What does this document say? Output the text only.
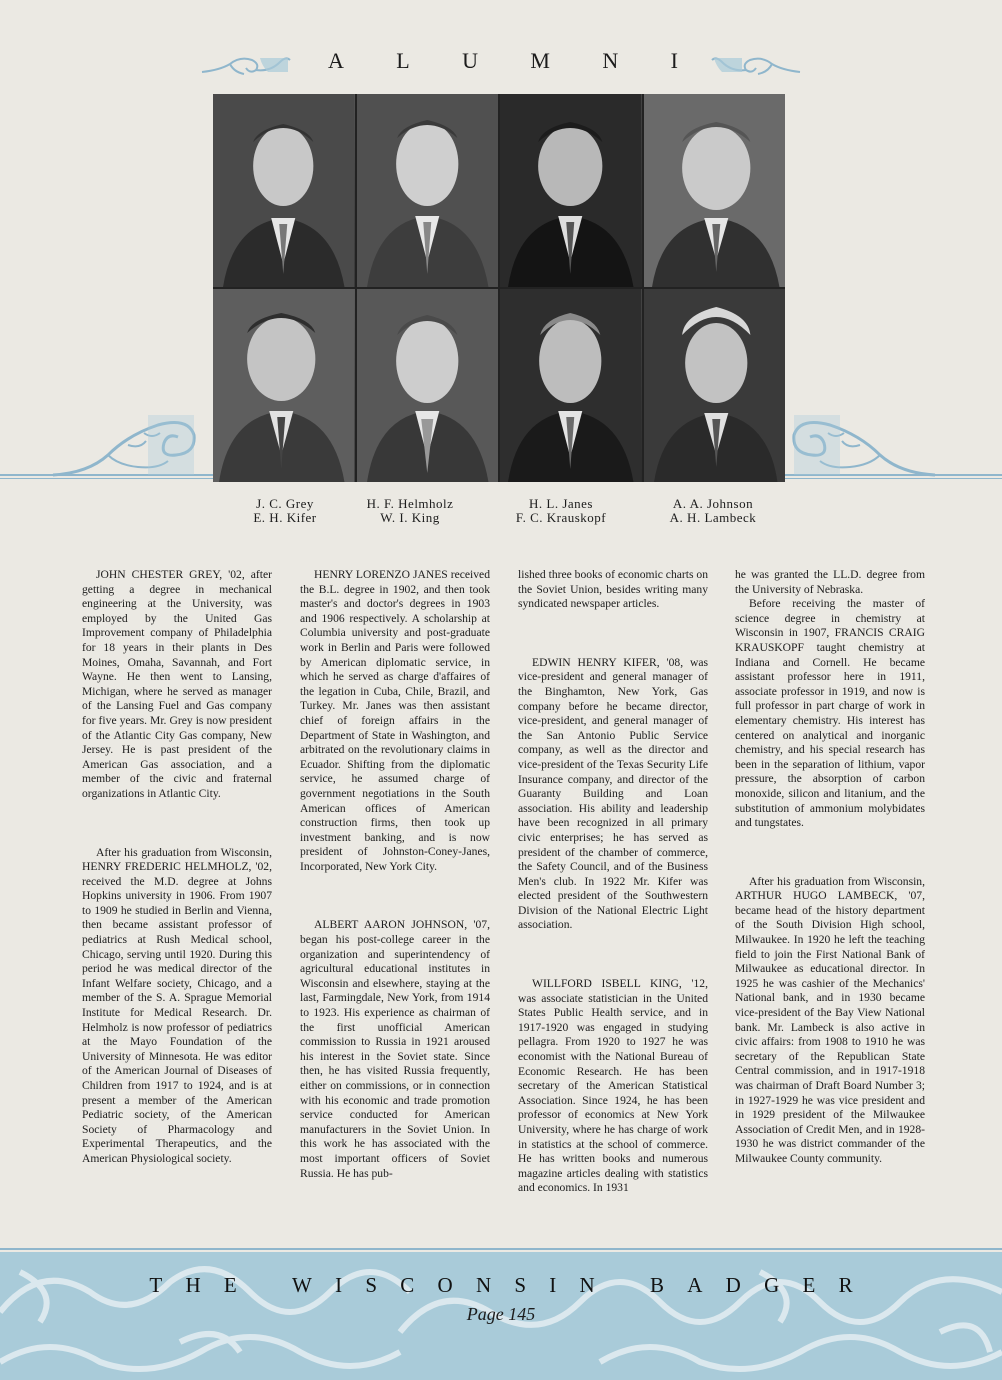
A L U M N I
J. C. Grey
E. H. Kifer
H. F. Helmholz
W. I. King
H. L. Janes
F. C. Krauskopf
A. A. Johnson
A. H. Lambeck

JOHN CHESTER GREY, '02, after getting a degree in mechanical engineering at the University, was employed by the United Gas Improvement company of Philadelphia for 18 years in their plants in Des Moines, Omaha, Savannah, and Fort Wayne. He then went to Lansing, Michigan, where he served as manager of the Lansing Fuel and Gas company for five years. Mr. Grey is now president of the Atlantic City Gas company, New Jersey. He is past president of the American Gas association, and a member of the civic and fraternal organizations in Atlantic City.

After his graduation from Wisconsin, HENRY FREDERIC HELMHOLZ, '02, received the M.D. degree at Johns Hopkins university in 1906. From 1907 to 1909 he studied in Berlin and Vienna, then became assistant professor of pediatrics at Rush Medical school, Chicago, serving until 1920. During this period he was medical director of the Infant Welfare society, Chicago, and a member of the S. A. Sprague Memorial Institute for Medical Research. Dr. Helmholz is now professor of pediatrics at the Mayo Foundation of the University of Minnesota. He was editor of the American Journal of Diseases of Children from 1917 to 1924, and is at present a member of the American Pediatric society, of the American Society of Pharmacology and Experimental Therapeutics, and the American Physiological society.

HENRY LORENZO JANES received the B.L. degree in 1902, and then took master's and doctor's degrees in 1903 and 1906 respectively. A scholarship at Columbia university and post-graduate work in Berlin and Paris were followed by American diplomatic service, in which he served as charge d'affaires of the legation in Cuba, Chile, Brazil, and Turkey. Mr. Janes was then assistant chief of foreign affairs in the Department of State in Washington, and arbitrated on the revolutionary claims in Ecuador. Shifting from the diplomatic service, he assumed charge of government negotiations in the South American offices of American construction firms, then took up investment banking, and is now president of Johnston-Coney-Janes, Incorporated, New York City.

ALBERT AARON JOHNSON, '07, began his post-college career in the organization and superintendency of agricultural educational institutes in Wisconsin and elsewhere, staying at the last, Farmingdale, New York, from 1914 to 1923. His experience as chairman of the first unofficial American commission to Russia in 1921 aroused his interest in the Soviet state. Since then, he has visited Russia frequently, either on commissions, or in connection with his economic and trade promotion service conducted for American manufacturers in the Soviet Union. In this work he has associated with the most important officers of Soviet Russia. He has pub-

lished three books of economic charts on the Soviet Union, besides writing many syndicated newspaper articles.

EDWIN HENRY KIFER, '08, was vice-president and general manager of the Binghamton, New York, Gas company before he became director, vice-president, and general manager of the San Antonio Public Service company, as well as the director and vice-president of the Texas Security Life Insurance company, and director of the Guaranty Building and Loan association. His ability and leadership have been recognized in all primary civic enterprises; he has served as president of the chamber of commerce, the Safety Council, and of the Business Men's club. In 1922 Mr. Kifer was elected president of the Southwestern Division of the National Electric Light association.

WILLFORD ISBELL KING, '12, was associate statistician in the United States Public Health service, and in 1917-1920 was engaged in studying pellagra. From 1920 to 1927 he was economist with the National Bureau of Economic Research. He has been secretary of the American Statistical Association. Since 1924, he has been professor of economics at New York University, where he has charge of work in statistics at the school of commerce. He has written books and numerous magazine articles dealing with statistics and economics. In 1931

he was granted the LL.D. degree from the University of Nebraska.

Before receiving the master of science degree in chemistry at Wisconsin in 1907, FRANCIS CRAIG KRAUSKOPF taught chemistry at Indiana and Cornell. He became assistant professor here in 1911, associate professor in 1919, and now is full professor in part charge of work in elementary chemistry. His interest has centered on analytical and inorganic chemistry, and his special research has been in the separation of lithium, vapor pressure, the absorption of carbon monoxide, silicon and litanium, and the substitution of ammonium molybidates and tungstates.

After his graduation from Wisconsin, ARTHUR HUGO LAMBECK, '07, became head of the history department of the South Division High school, Milwaukee. In 1920 he left the teaching field to join the First National Bank of Milwaukee as educational director. In 1925 he was cashier of the Mechanics' National bank, and in 1930 became vice-president of the Bay View National bank. Mr. Lambeck is also active in civic affairs: from 1908 to 1910 he was secretary of the Republican State Central commission, and in 1917-1918 was chairman of Draft Board Number 3; in 1927-1929 he was vice president and in 1929 president of the Milwaukee Association of Credit Men, and in 1928-1930 he was district commander of the Milwaukee County community.

T H E	W I S C O N S I N	B A D G E R
Page 145
